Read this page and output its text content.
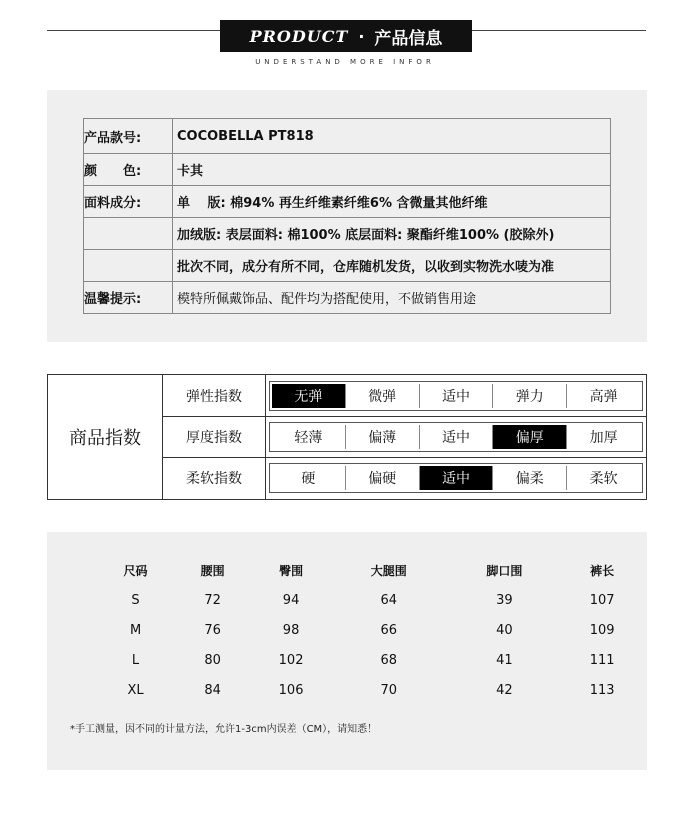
PRODUCT · 产品信息
UNDERSTAND MORE INFOR
产品款号:	COCOBELLA PT818
颜　　色:	卡其
面料成分:	单　 版: 棉94% 再生纤维素纤维6% 含微量其他纤维
	加绒版: 表层面料: 棉100% 底层面料: 聚酯纤维100% (胶除外)
	批次不同，成分有所不同，仓库随机发货，以收到实物洗水唛为准
温馨提示:	模特所佩戴饰品、配件均为搭配使用，不做销售用途
商品指数
弹性指数	无弹	微弹	适中	弹力	高弹
厚度指数	轻薄	偏薄	适中	偏厚	加厚
柔软指数	硬	偏硬	适中	偏柔	柔软
尺码	腰围	臀围	大腿围	脚口围	裤长
S	72	94	64	39	107
M	76	98	66	40	109
L	80	102	68	41	111
XL	84	106	70	42	113
*手工测量，因不同的计量方法，允许1-3cm内误差（CM），请知悉！
